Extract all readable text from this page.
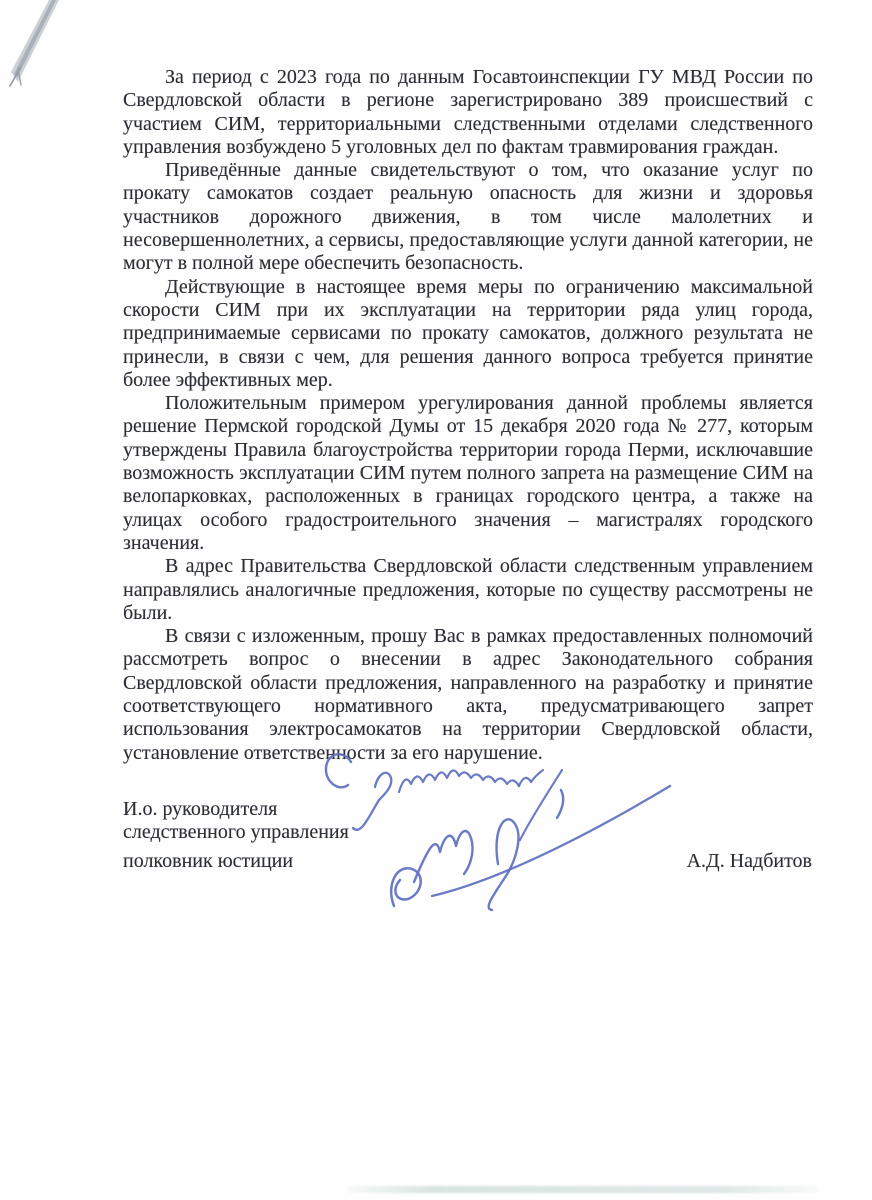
За период с 2023 года по данным Госавтоинспекции ГУ МВД России по Свердловской области в регионе зарегистрировано 389 происшествий с участием СИМ, территориальными следственными отделами следственного управления возбуждено 5 уголовных дел по фактам травмирования граждан.

Приведённые данные свидетельствуют о том, что оказание услуг по прокату самокатов создает реальную опасность для жизни и здоровья участников дорожного движения, в том числе малолетних и несовершеннолетних, а сервисы, предоставляющие услуги данной категории, не могут в полной мере обеспечить безопасность.

Действующие в настоящее время меры по ограничению максимальной скорости СИМ при их эксплуатации на территории ряда улиц города, предпринимаемые сервисами по прокату самокатов, должного результата не принесли, в связи с чем, для решения данного вопроса требуется принятие более эффективных мер.

Положительным примером урегулирования данной проблемы является решение Пермской городской Думы от 15 декабря 2020 года № 277, которым утверждены Правила благоустройства территории города Перми, исключавшие возможность эксплуатации СИМ путем полного запрета на размещение СИМ на велопарковках, расположенных в границах городского центра, а также на улицах особого градостроительного значения – магистралях городского значения.

В адрес Правительства Свердловской области следственным управлением направлялись аналогичные предложения, которые по существу рассмотрены не были.

В связи с изложенным, прошу Вас в рамках предоставленных полномочий рассмотреть вопрос о внесении в адрес Законодательного собрания Свердловской области предложения, направленного на разработку и принятие соответствующего нормативного акта, предусматривающего запрет использования электросамокатов на территории Свердловской области, установление ответственности за его нарушение.

И.о. руководителя
следственного управления
полковник юстиции	А.Д. Надбитов
